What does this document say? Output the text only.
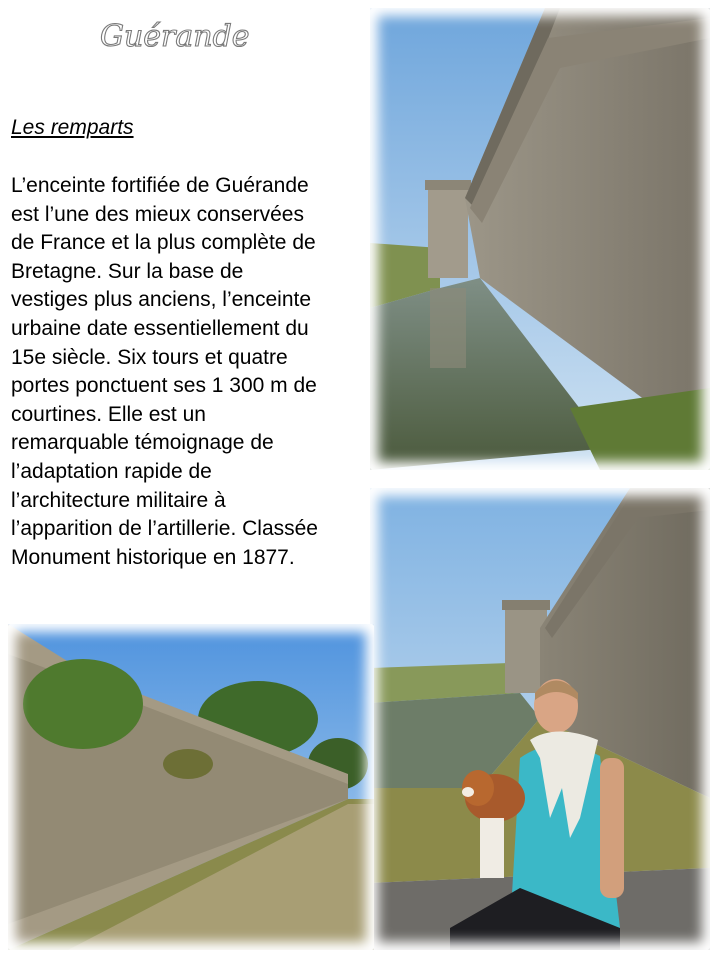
Guérande
Les remparts
L’enceinte fortifiée de Guérande
est l’une des mieux conservées
de France et la plus complète de
Bretagne. Sur la base de
vestiges plus anciens, l’enceinte
urbaine date essentiellement du
15e siècle. Six tours et quatre
portes ponctuent ses 1 300 m de
courtines. Elle est un
remarquable témoignage de
l’adaptation rapide de
l’architecture militaire à
l’apparition de l’artillerie. Classée
Monument historique en 1877.
